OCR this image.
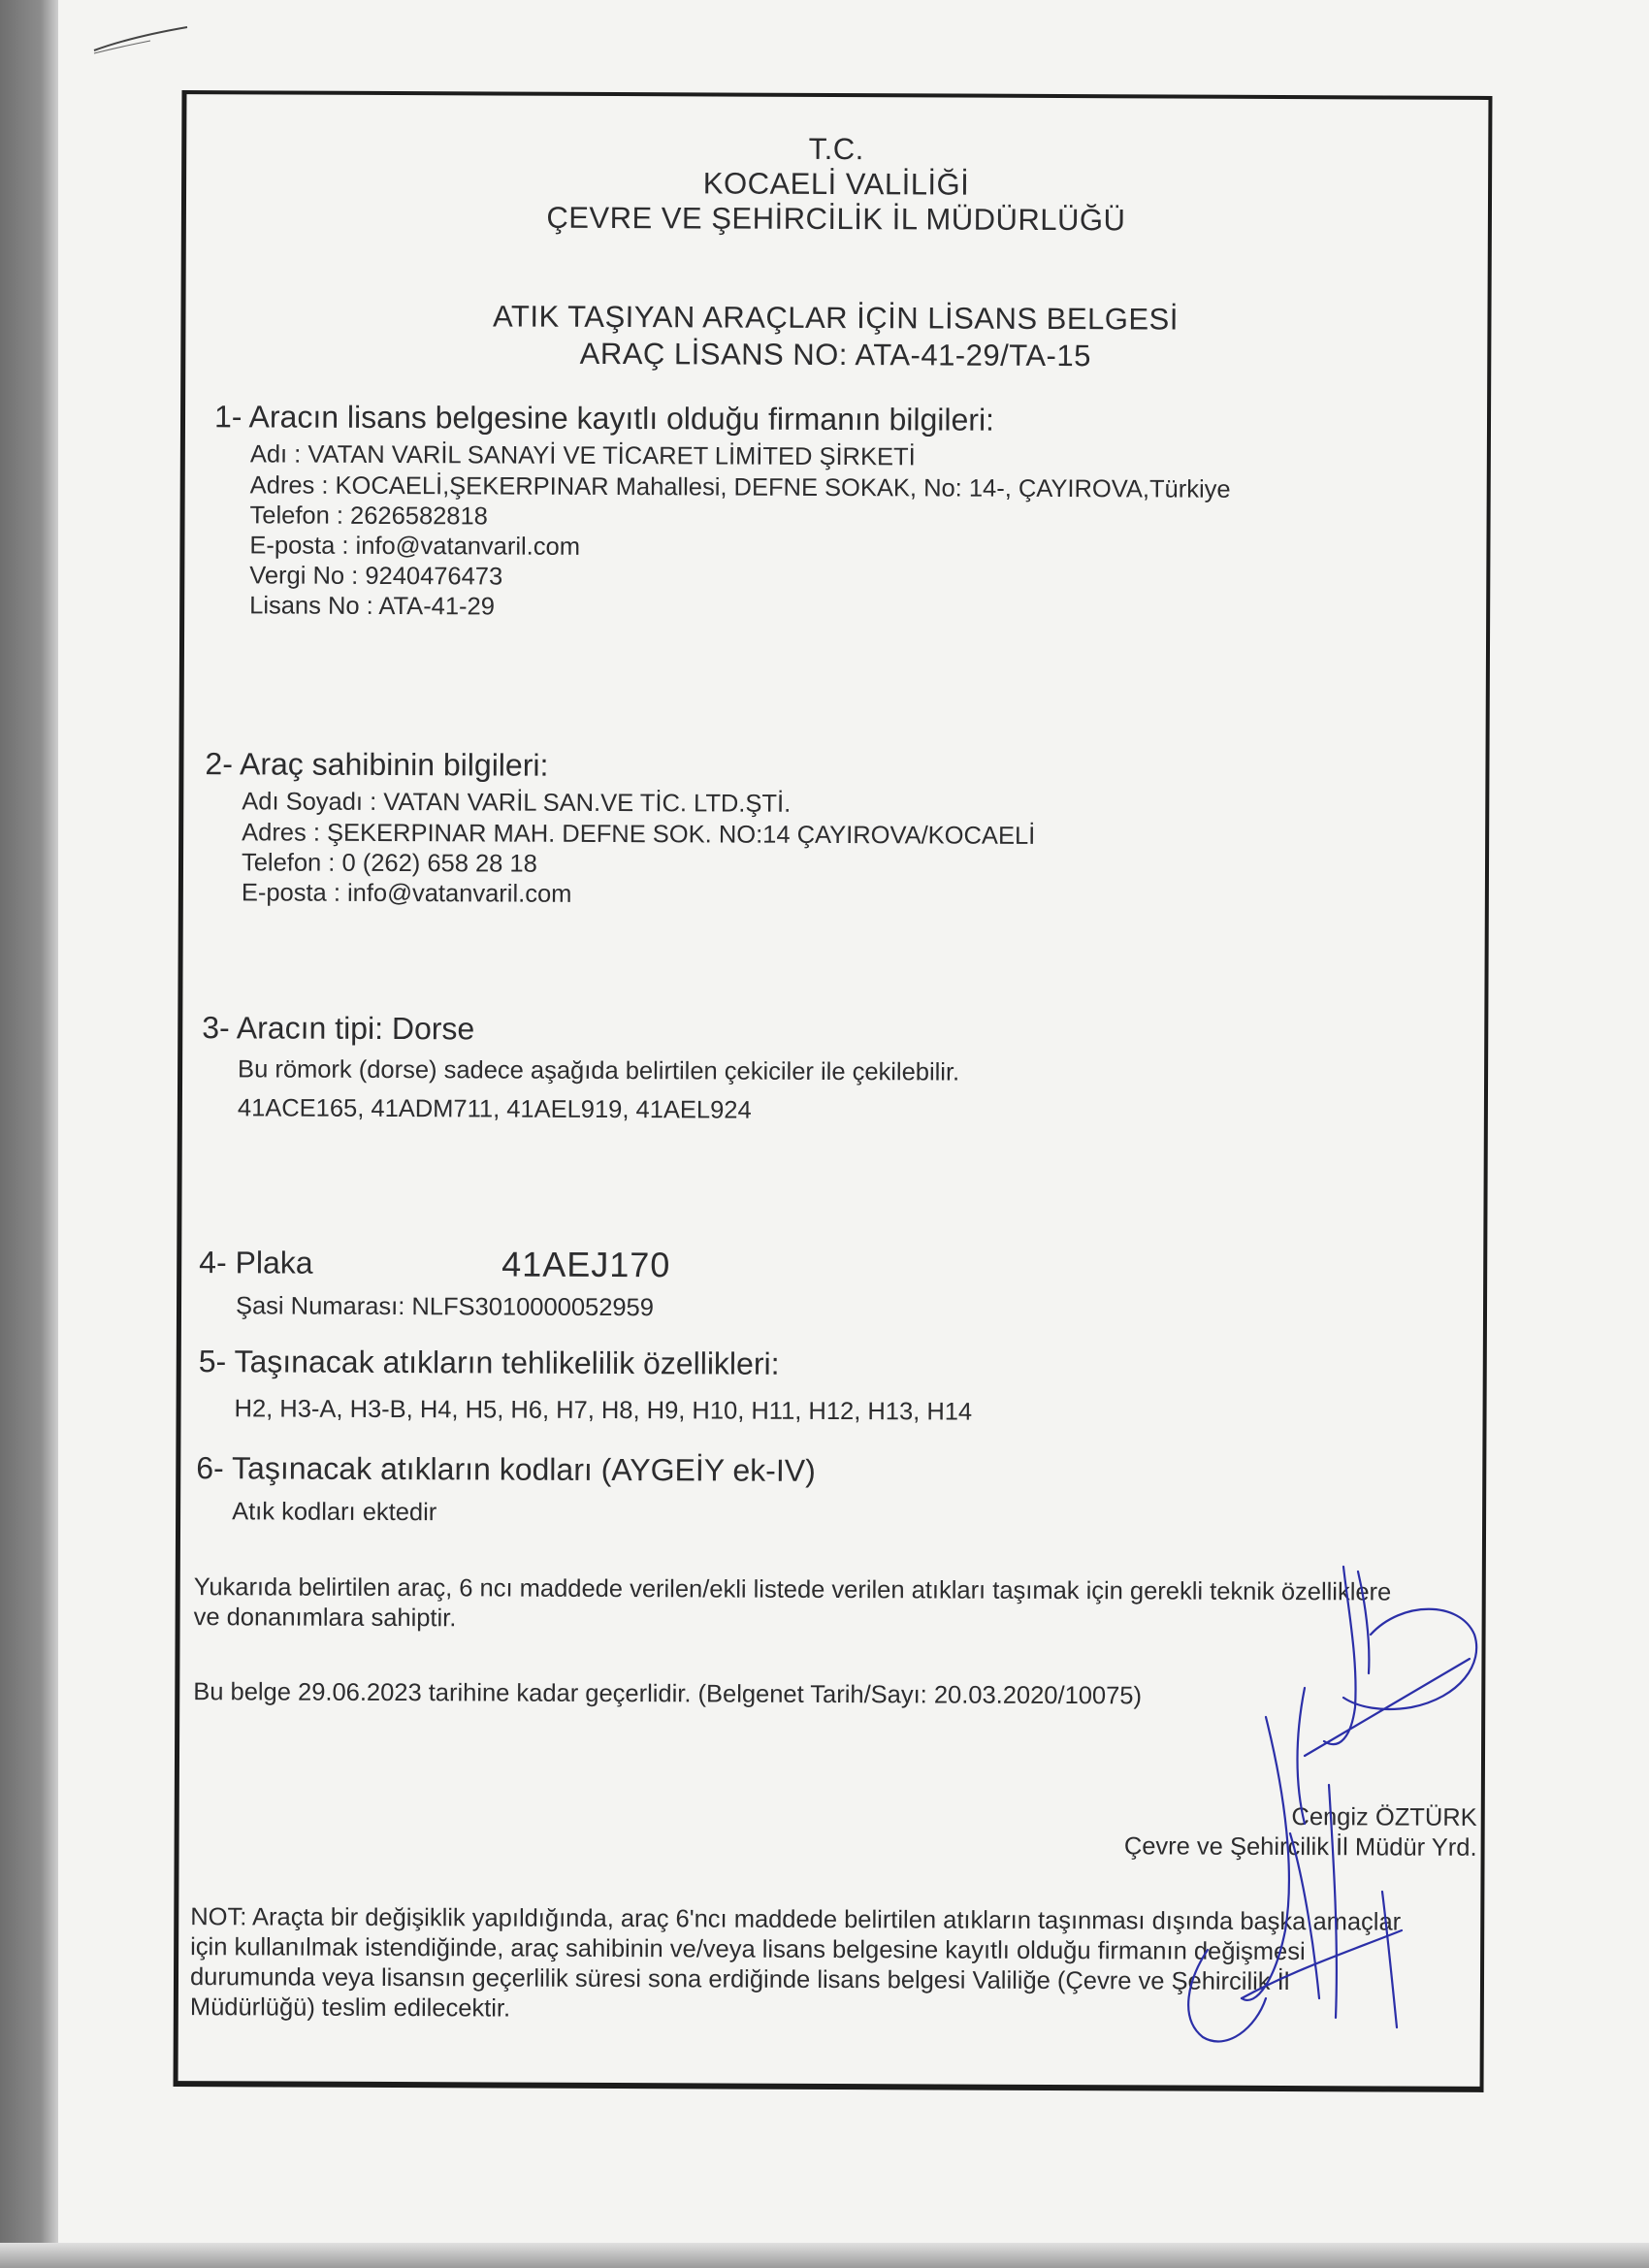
T.C.
KOCAELİ VALİLİĞİ
ÇEVRE VE ŞEHİRCİLİK İL MÜDÜRLÜĞÜ
ATIK TAŞIYAN ARAÇLAR İÇİN LİSANS BELGESİ
ARAÇ LİSANS NO: ATA-41-29/TA-15
1- Aracın lisans belgesine kayıtlı olduğu firmanın bilgileri:
Adı : VATAN VARİL SANAYİ VE TİCARET LİMİTED ŞİRKETİ
Adres : KOCAELİ,ŞEKERPINAR Mahallesi, DEFNE SOKAK, No: 14-, ÇAYIROVA,Türkiye
Telefon : 2626582818
E-posta : info@vatanvaril.com
Vergi No : 9240476473
Lisans No : ATA-41-29
2- Araç sahibinin bilgileri:
Adı Soyadı : VATAN VARİL SAN.VE TİC. LTD.ŞTİ.
Adres : ŞEKERPINAR MAH. DEFNE SOK. NO:14 ÇAYIROVA/KOCAELİ
Telefon : 0 (262) 658 28 18
E-posta : info@vatanvaril.com
3- Aracın tipi: Dorse
Bu römork (dorse) sadece aşağıda belirtilen çekiciler ile çekilebilir.
41ACE165, 41ADM711, 41AEL919, 41AEL924
4- Plaka	41AEJ170
Şasi Numarası: NLFS3010000052959
5- Taşınacak atıkların tehlikelilik özellikleri:
H2, H3-A, H3-B, H4, H5, H6, H7, H8, H9, H10, H11, H12, H13, H14
6- Taşınacak atıkların kodları (AYGEİY ek-IV)
Atık kodları ektedir
Yukarıda belirtilen araç, 6 ncı maddede verilen/ekli listede verilen atıkları taşımak için gerekli teknik özelliklere
ve donanımlara sahiptir.
Bu belge 29.06.2023 tarihine kadar geçerlidir. (Belgenet Tarih/Sayı: 20.03.2020/10075)
Cengiz ÖZTÜRK
Çevre ve Şehircilik İl Müdür Yrd.
NOT: Araçta bir değişiklik yapıldığında, araç 6'ncı maddede belirtilen atıkların taşınması dışında başka amaçlar
için kullanılmak istendiğinde, araç sahibinin ve/veya lisans belgesine kayıtlı olduğu firmanın değişmesi
durumunda veya lisansın geçerlilik süresi sona erdiğinde lisans belgesi Valiliğe (Çevre ve Şehircilik İl
Müdürlüğü) teslim edilecektir.
